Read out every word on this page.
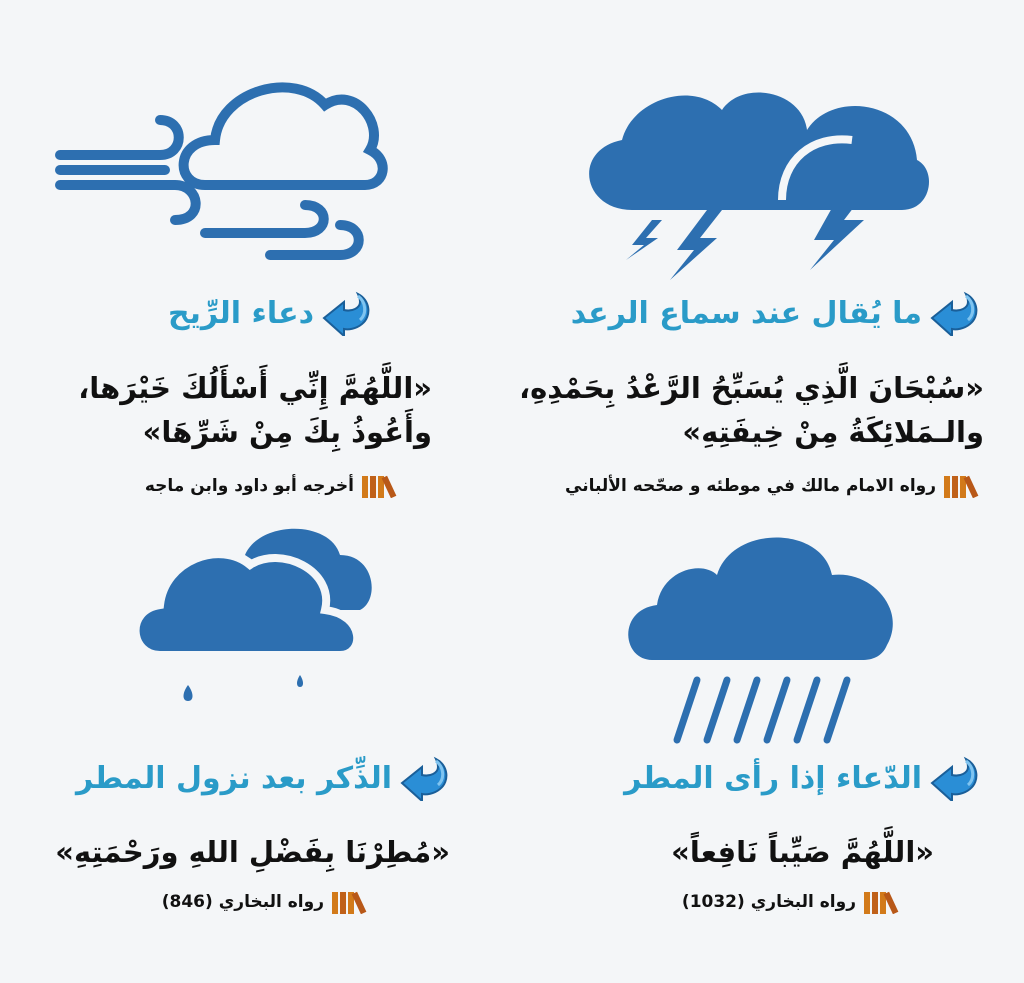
ما يُقال عند سماع الرعد
«سُبْحَانَ الَّذِي يُسَبِّحُ الرَّعْدُ بِحَمْدِهِ،
والـمَلائِكَةُ مِنْ خِيفَتِهِ»
رواه الامام مالك في موطئه و صحّحه الألباني
دعاء الرِّيح
«اللَّهُمَّ إِنِّي أَسْأَلُكَ خَيْرَها،
وأَعُوذُ بِكَ مِنْ شَرِّهَا»
أخرجه أبو داود وابن ماجه
الدّعاء إذا رأى المطر
«اللَّهُمَّ صَيِّباً نَافِعاً»
رواه البخاري (1032)
الذِّكر بعد نزول المطر
«مُطِرْنَا بِفَضْلِ اللهِ ورَحْمَتِهِ»
رواه البخاري (846)
